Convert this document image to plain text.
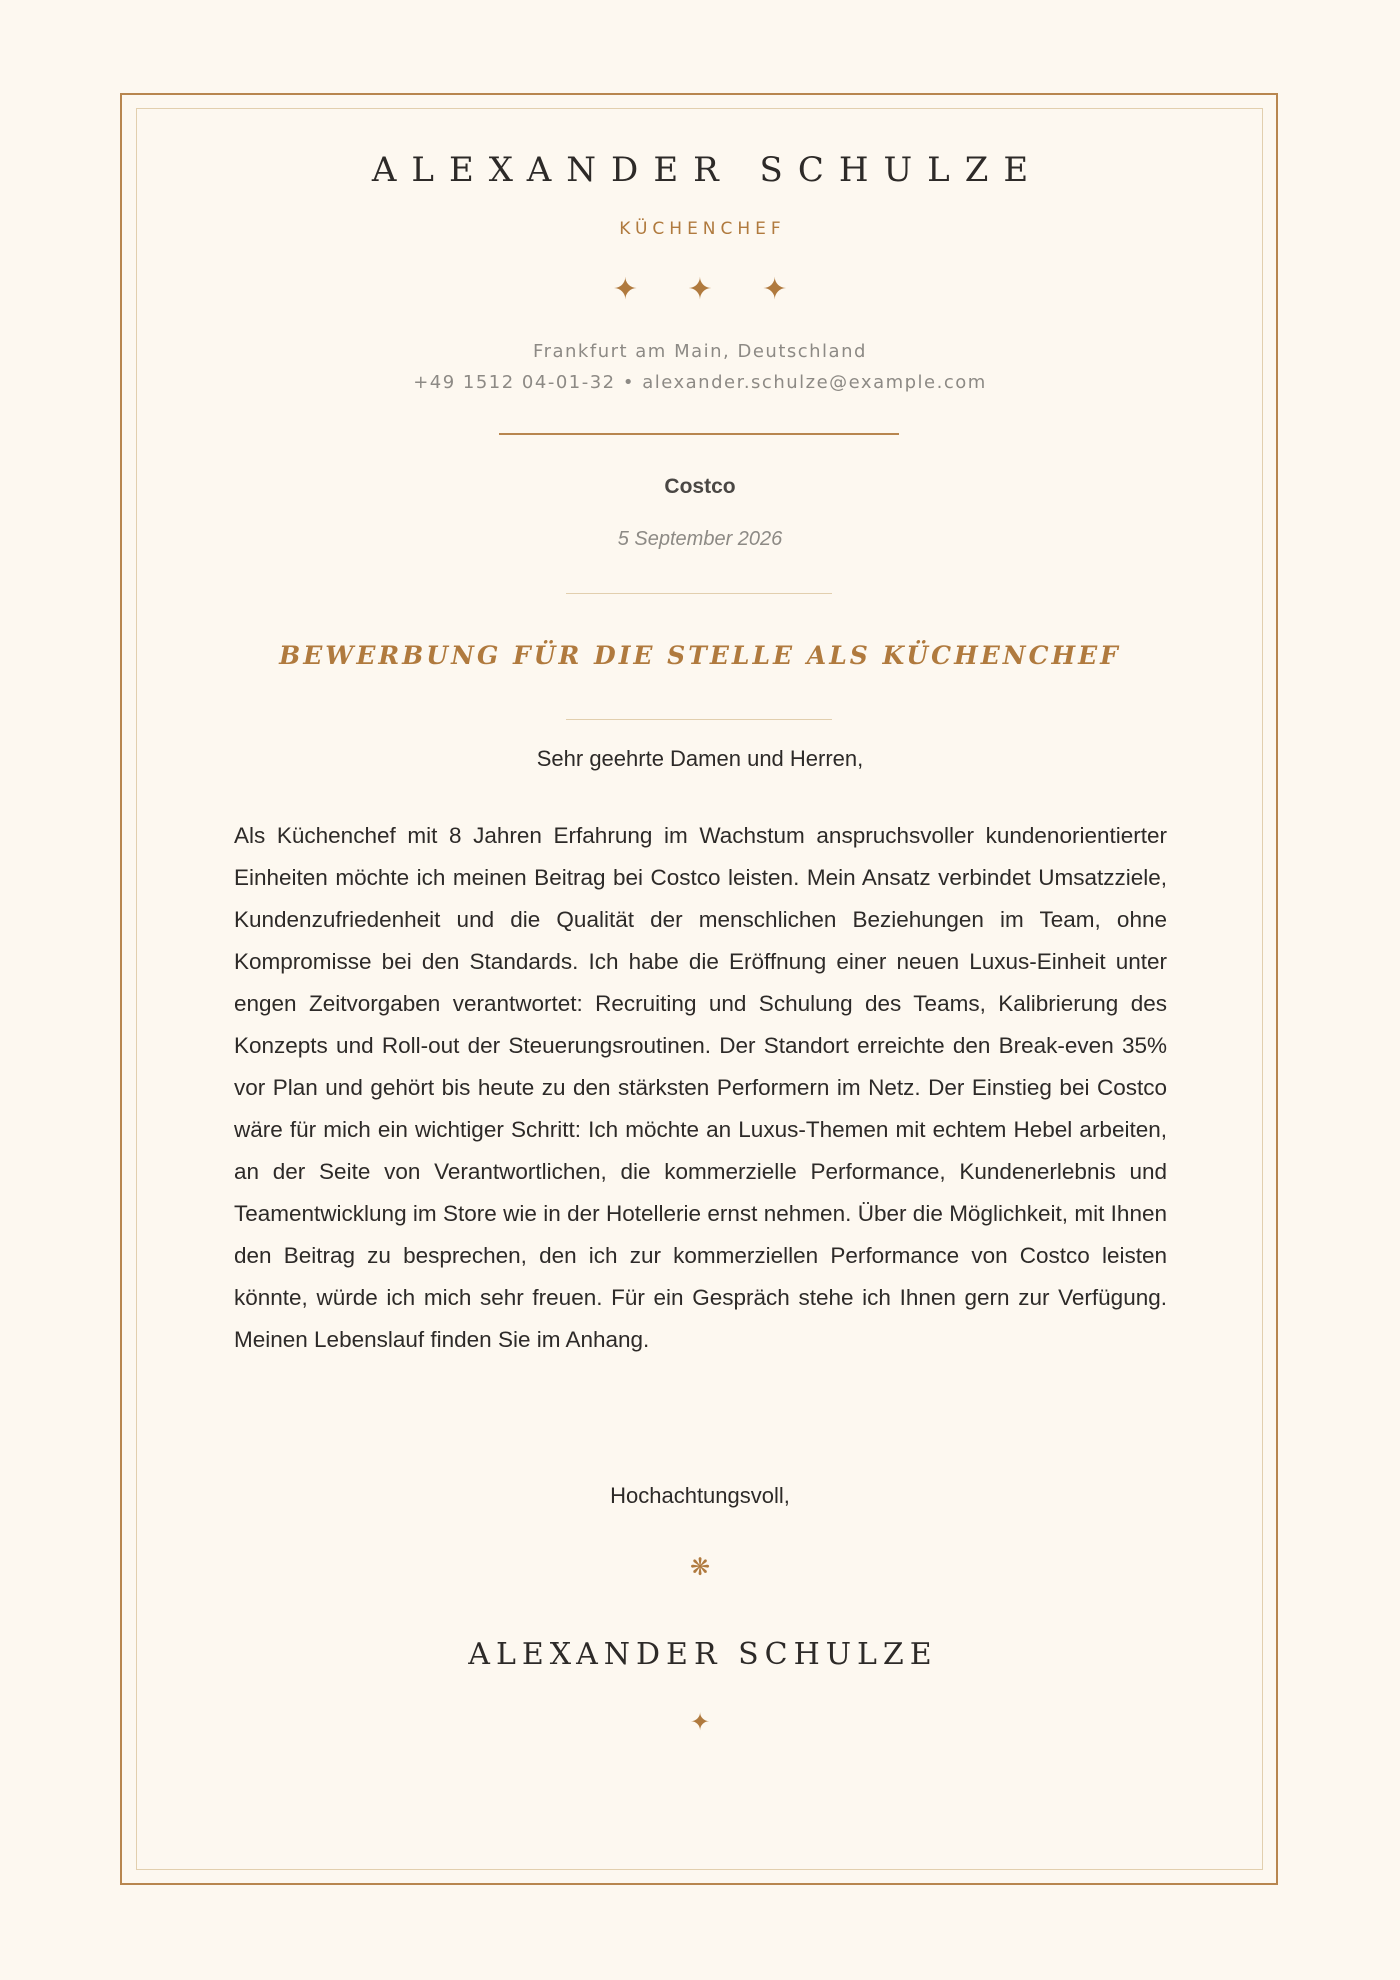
ALEXANDER SCHULZE
KÜCHENCHEF
✦ ✦ ✦
Frankfurt am Main, Deutschland
+49 1512 04-01-32 • alexander.schulze@example.com
Costco
5 September 2026
BEWERBUNG FÜR DIE STELLE ALS KÜCHENCHEF
Sehr geehrte Damen und Herren,

Als Küchenchef mit 8 Jahren Erfahrung im Wachstum anspruchsvoller kundenorientierter Einheiten möchte ich meinen Beitrag bei Costco leisten. Mein Ansatz verbindet Umsatzziele, Kundenzufriedenheit und die Qualität der menschlichen Beziehungen im Team, ohne Kompromisse bei den Standards. Ich habe die Eröffnung einer neuen Luxus-Einheit unter engen Zeitvorgaben verantwortet: Recruiting und Schulung des Teams, Kalibrierung des Konzepts und Roll-out der Steuerungsroutinen. Der Standort erreichte den Break-even 35% vor Plan und gehört bis heute zu den stärksten Performern im Netz. Der Einstieg bei Costco wäre für mich ein wichtiger Schritt: Ich möchte an Luxus-Themen mit echtem Hebel arbeiten, an der Seite von Verantwortlichen, die kommerzielle Performance, Kundenerlebnis und Teamentwicklung im Store wie in der Hotellerie ernst nehmen. Über die Möglichkeit, mit Ihnen den Beitrag zu besprechen, den ich zur kommerziellen Performance von Costco leisten könnte, würde ich mich sehr freuen. Für ein Gespräch stehe ich Ihnen gern zur Verfügung. Meinen Lebenslauf finden Sie im Anhang.

Hochachtungsvoll,
❋
ALEXANDER SCHULZE
✦
